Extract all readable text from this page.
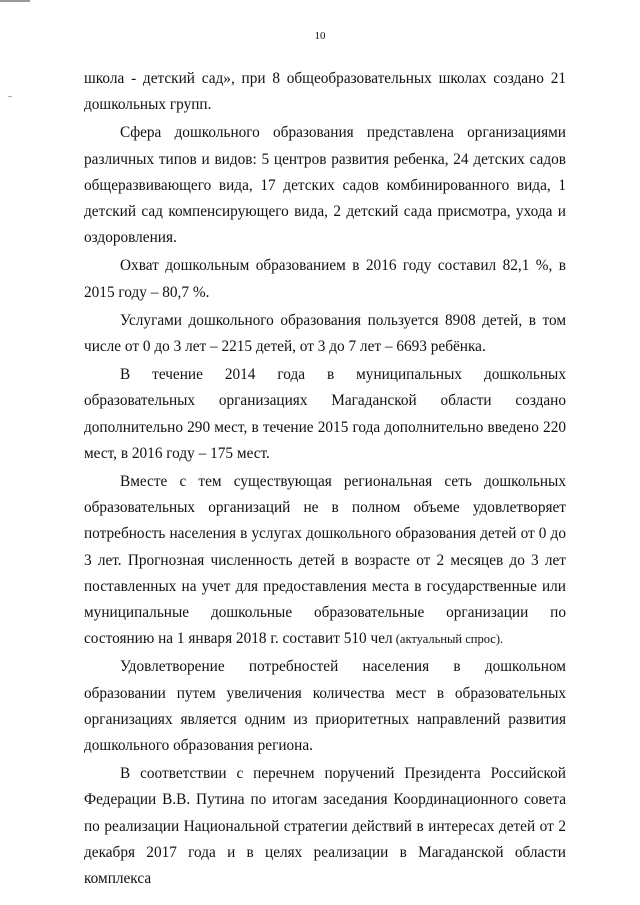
10

школа - детский сад», при 8 общеобразовательных школах создано 21 дошкольных групп.

Сфера дошкольного образования представлена организациями различных типов и видов: 5 центров развития ребенка, 24 детских садов общеразвивающего вида, 17 детских садов комбинированного вида, 1 детский сад компенсирующего вида, 2 детский сада присмотра, ухода и оздоровления.

Охват дошкольным образованием в 2016 году составил 82,1 %, в 2015 году – 80,7 %.

Услугами дошкольного образования пользуется 8908 детей, в том числе от 0 до 3 лет – 2215 детей, от 3 до 7 лет – 6693 ребёнка.

В течение 2014 года в муниципальных дошкольных образовательных организациях Магаданской области создано дополнительно 290 мест, в течение 2015 года дополнительно введено 220 мест, в 2016 году – 175 мест.

Вместе с тем существующая региональная сеть дошкольных образовательных организаций не в полном объеме удовлетворяет потребность населения в услугах дошкольного образования детей от 0 до 3 лет. Прогнозная численность детей в возрасте от 2 месяцев до 3 лет поставленных на учет для предоставления места в государственные или муниципальные дошкольные образовательные организации по состоянию на 1 января 2018 г. составит 510 чел (актуальный спрос).

Удовлетворение потребностей населения в дошкольном образовании путем увеличения количества мест в образовательных организациях является одним из приоритетных направлений развития дошкольного образования региона.

В соответствии с перечнем поручений Президента Российской Федерации В.В. Путина по итогам заседания Координационного совета по реализации Национальной стратегии действий в интересах детей от 2 декабря 2017 года и в целях реализации в Магаданской области комплекса
